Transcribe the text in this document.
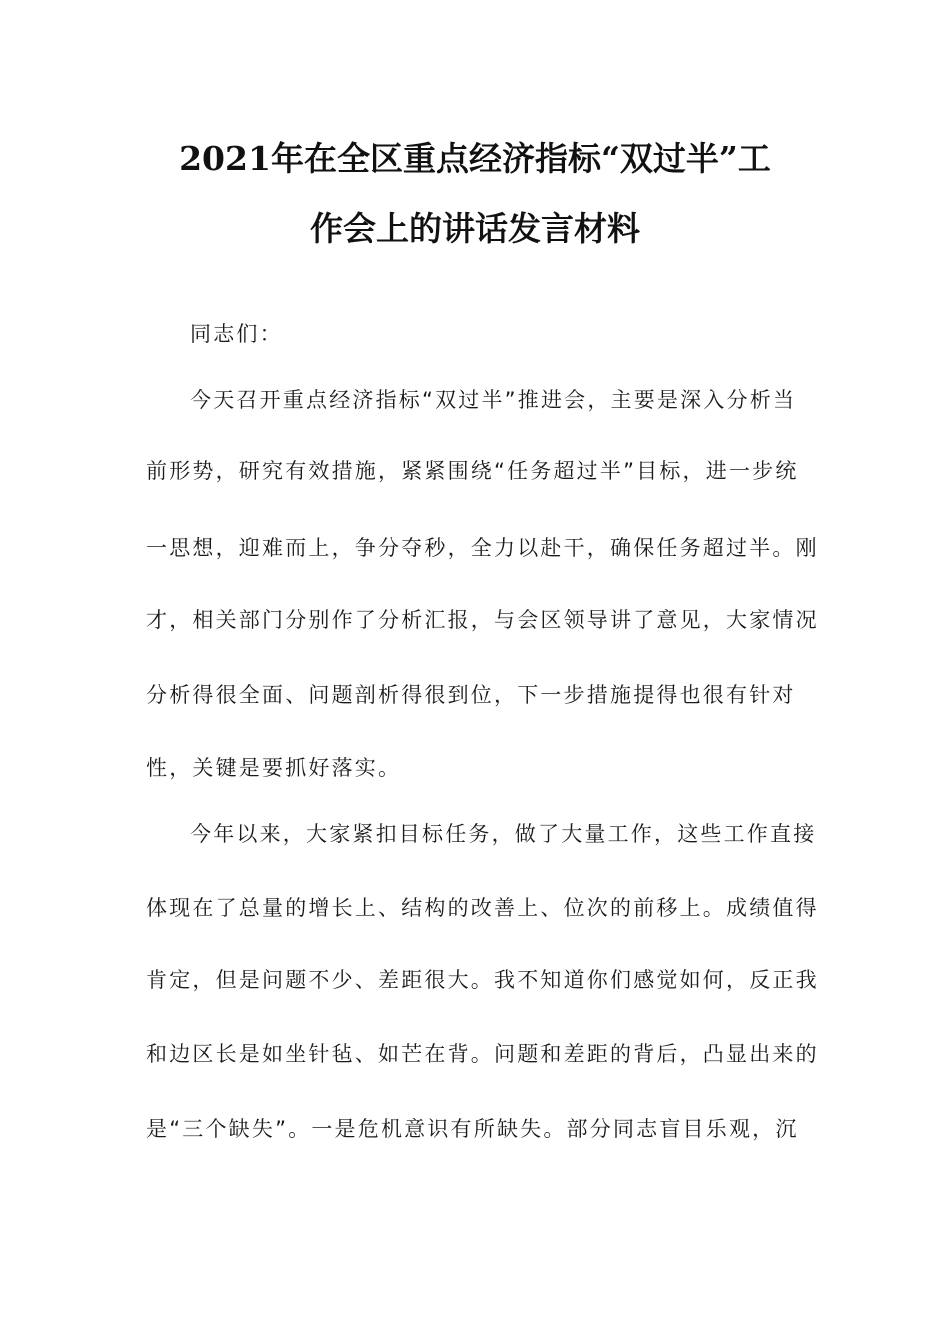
2021年在全区重点经济指标“双过半”工
作会上的讲话发言材料
同志们：
今天召开重点经济指标“双过半”推进会，主要是深入分析当
前形势，研究有效措施，紧紧围绕“任务超过半”目标，进一步统
一思想，迎难而上，争分夺秒，全力以赴干，确保任务超过半。刚
才，相关部门分别作了分析汇报，与会区领导讲了意见，大家情况
分析得很全面、问题剖析得很到位，下一步措施提得也很有针对
性，关键是要抓好落实。
今年以来，大家紧扣目标任务，做了大量工作，这些工作直接
体现在了总量的增长上、结构的改善上、位次的前移上。成绩值得
肯定，但是问题不少、差距很大。我不知道你们感觉如何，反正我
和边区长是如坐针毡、如芒在背。问题和差距的背后，凸显出来的
是“三个缺失”。一是危机意识有所缺失。部分同志盲目乐观，沉
